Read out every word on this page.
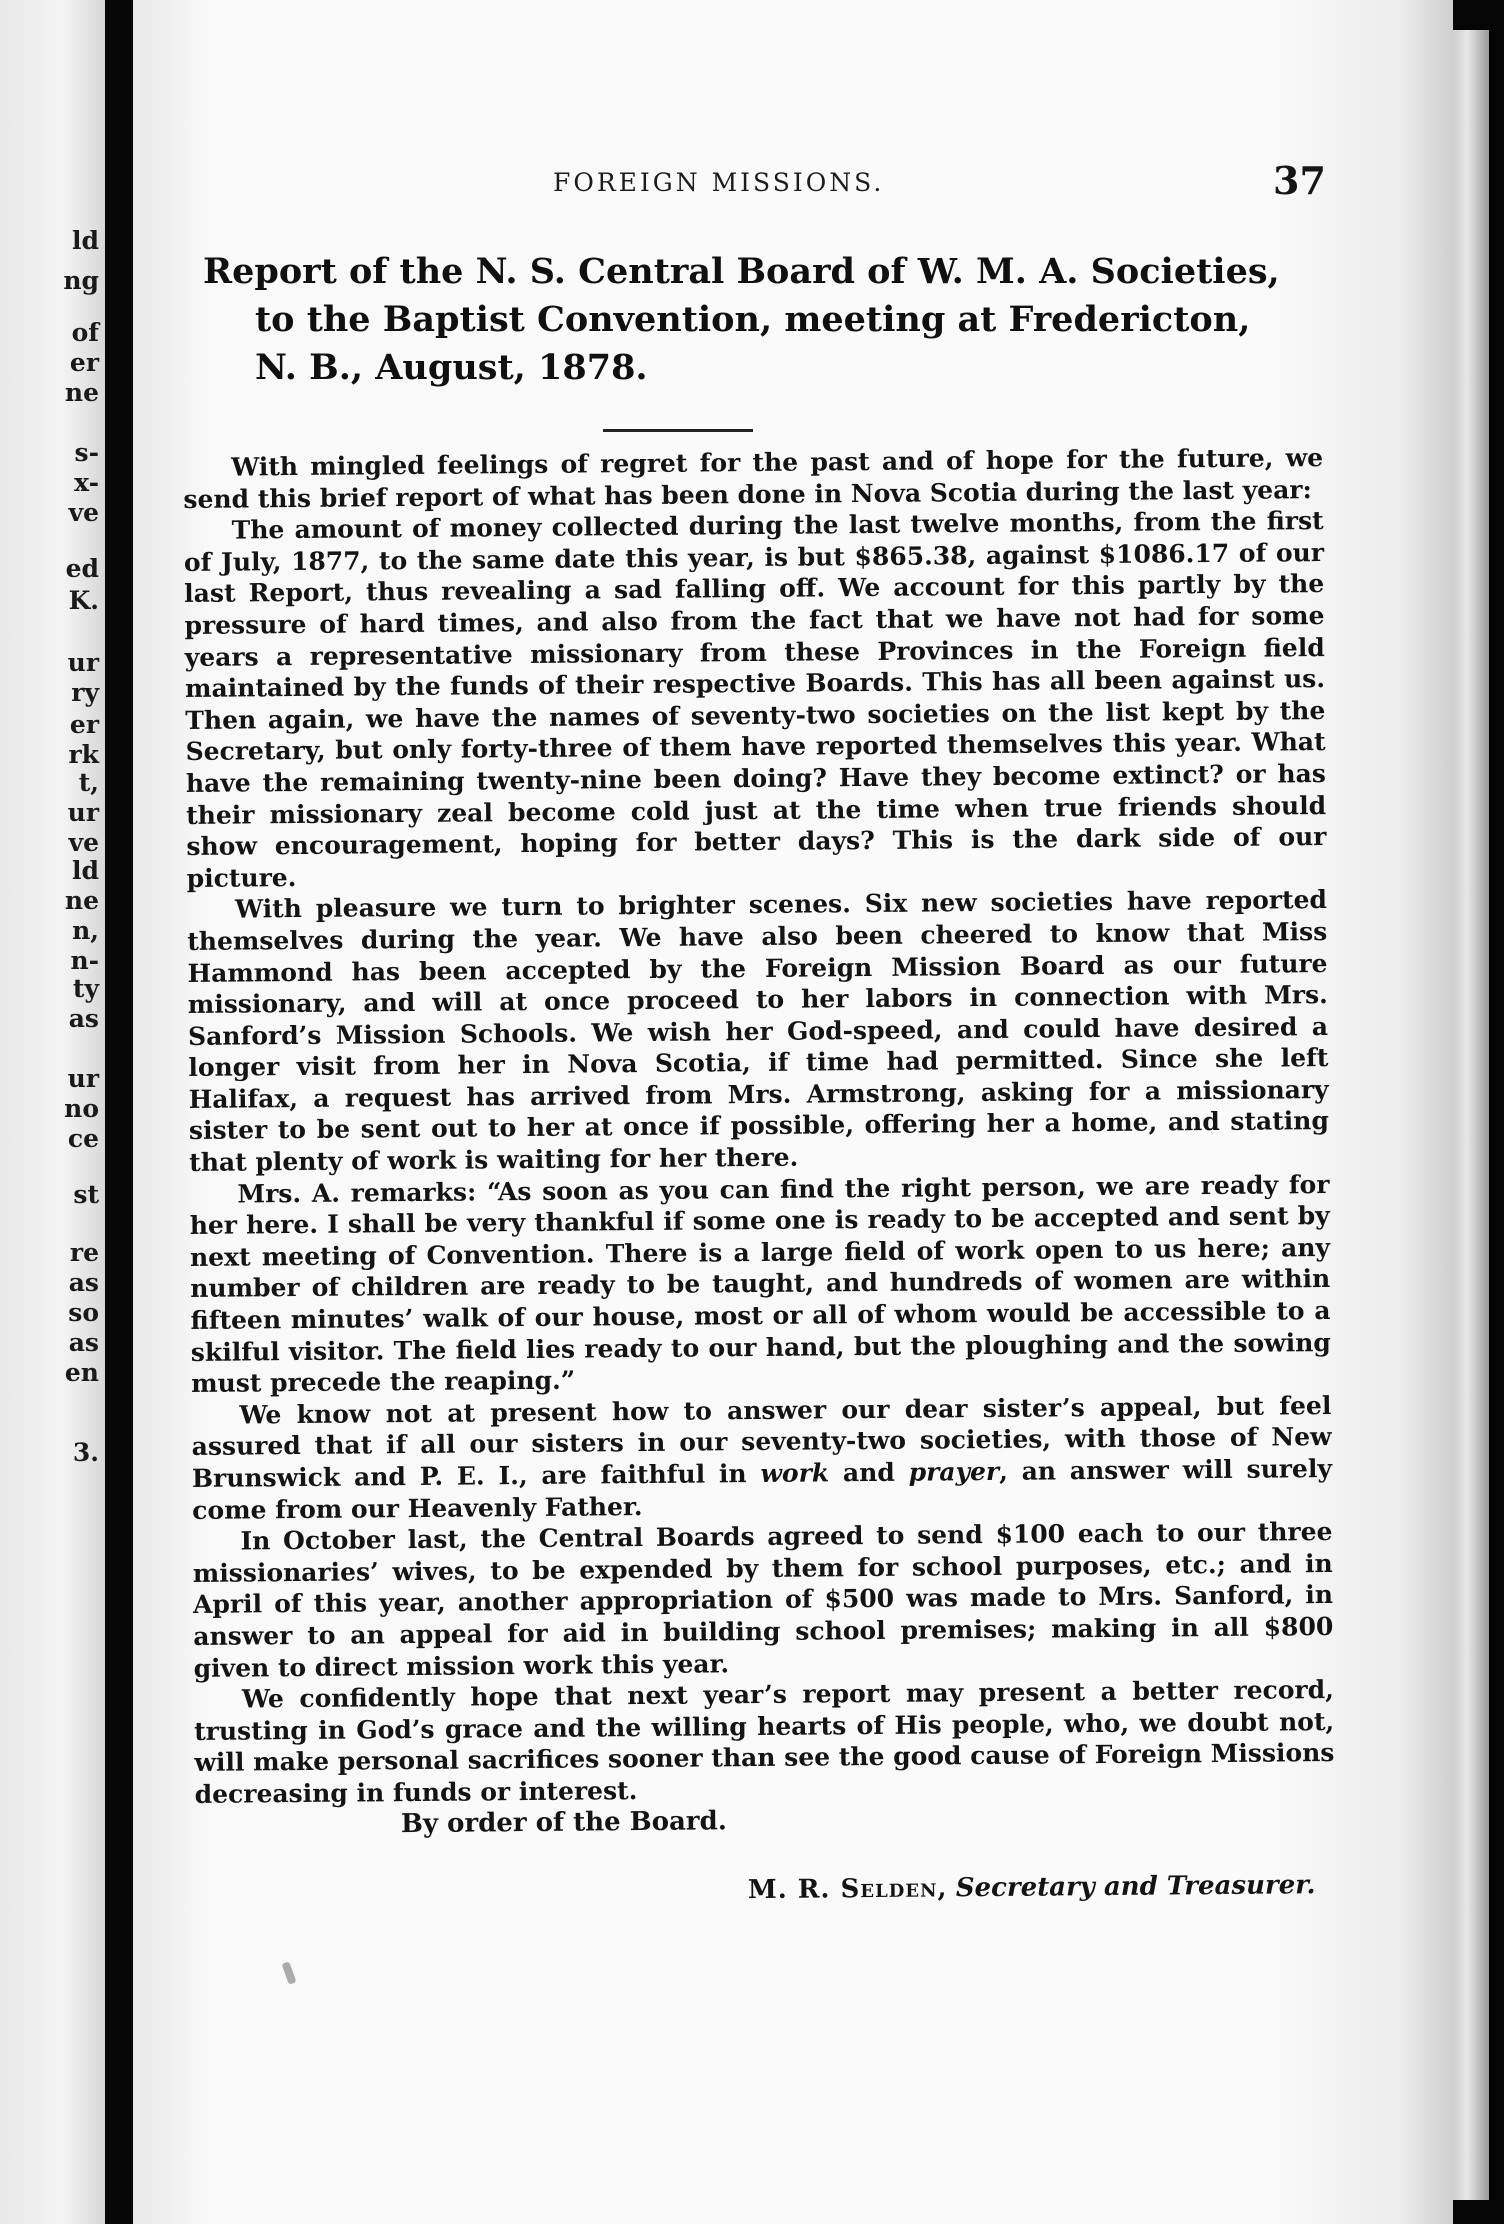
ld
ng
of
er
ne
s-
x-
ve
ed
K.
ur
ry
er
rk
t,
ur
ve
ld
ne
n,
n-
ty
as
ur
no
ce
st
re
as
so
as
en
3.
FOREIGN MISSIONS.	37
Report of the N. S. Central Board of W. M. A. Societies,
to the Baptist Convention, meeting at Fredericton,
N. B., August, 1878.

With mingled feelings of regret for the past and of hope for the future, we send this brief report of what has been done in Nova Scotia during the last year:

The amount of money collected during the last twelve months, from the first of July, 1877, to the same date this year, is but $865.38, against $1086.17 of our last Report, thus revealing a sad falling off. We account for this partly by the pressure of hard times, and also from the fact that we have not had for some years a representative missionary from these Provinces in the Foreign field maintained by the funds of their respective Boards. This has all been against us. Then again, we have the names of seventy-two societies on the list kept by the Secretary, but only forty-three of them have reported themselves this year. What have the remaining twenty-nine been doing? Have they become extinct? or has their missionary zeal become cold just at the time when true friends should show encouragement, hoping for better days? This is the dark side of our picture.

With pleasure we turn to brighter scenes. Six new societies have reported themselves during the year. We have also been cheered to know that Miss Hammond has been accepted by the Foreign Mission Board as our future missionary, and will at once proceed to her labors in connection with Mrs. Sanford’s Mission Schools. We wish her God-speed, and could have desired a longer visit from her in Nova Scotia, if time had permitted. Since she left Halifax, a request has arrived from Mrs. Armstrong, asking for a missionary sister to be sent out to her at once if possible, offering her a home, and stating that plenty of work is waiting for her there.

Mrs. A. remarks: “As soon as you can find the right person, we are ready for her here. I shall be very thankful if some one is ready to be accepted and sent by next meeting of Convention. There is a large field of work open to us here; any number of children are ready to be taught, and hundreds of women are within fifteen minutes’ walk of our house, most or all of whom would be accessible to a skilful visitor. The field lies ready to our hand, but the ploughing and the sowing must precede the reaping.”

We know not at present how to answer our dear sister’s appeal, but feel assured that if all our sisters in our seventy-two societies, with those of New Brunswick and P. E. I., are faithful in work and prayer, an answer will surely come from our Heavenly Father.

In October last, the Central Boards agreed to send $100 each to our three missionaries’ wives, to be expended by them for school purposes, etc.; and in April of this year, another appropriation of $500 was made to Mrs. Sanford, in answer to an appeal for aid in building school premises; making in all $800 given to direct mission work this year.

We confidently hope that next year’s report may present a better record, trusting in God’s grace and the willing hearts of His people, who, we doubt not, will make personal sacrifices sooner than see the good cause of Foreign Missions decreasing in funds or interest.

By order of the Board.

M. R. Selden, Secretary and Treasurer.
